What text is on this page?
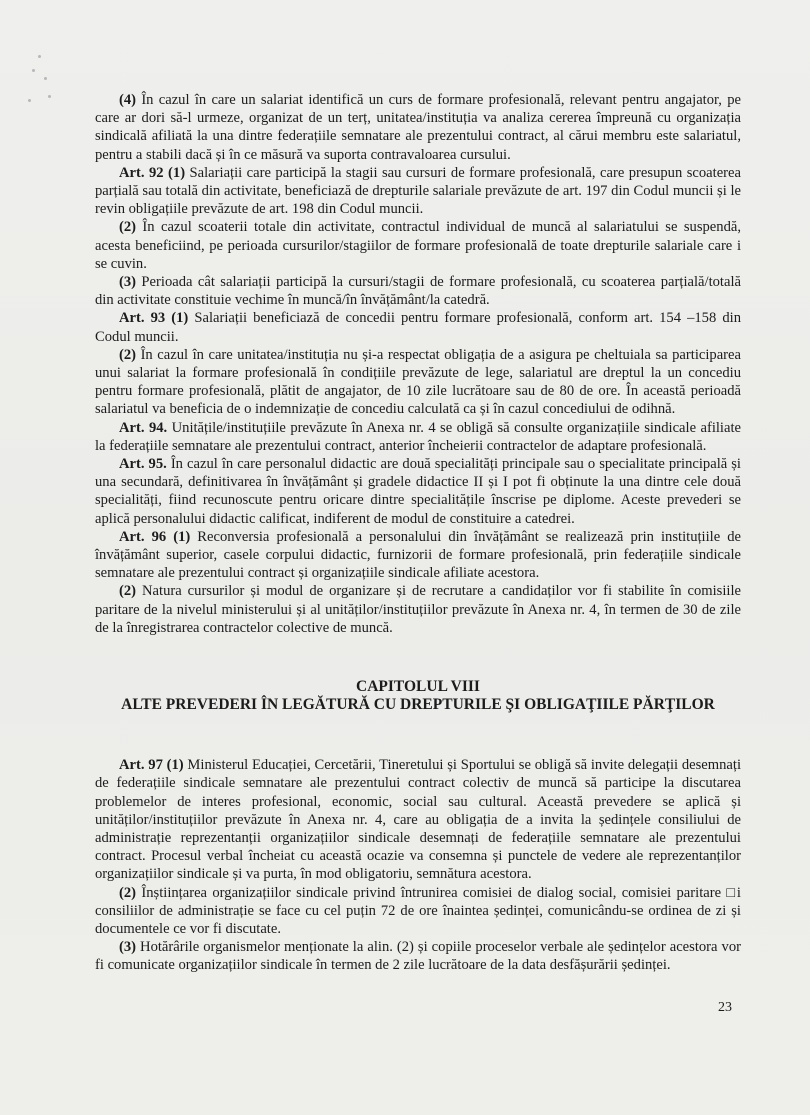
(4) În cazul în care un salariat identifică un curs de formare profesională, relevant pentru angajator, pe care ar dori să-l urmeze, organizat de un terț, unitatea/instituția va analiza cererea împreună cu organizația sindicală afiliată la una dintre federațiile semnatare ale prezentului contract, al cărui membru este salariatul, pentru a stabili dacă și în ce măsură va suporta contravaloarea cursului.

Art. 92 (1) Salariații care participă la stagii sau cursuri de formare profesională, care presupun scoaterea parțială sau totală din activitate, beneficiază de drepturile salariale prevăzute de art. 197 din Codul muncii și le revin obligațiile prevăzute de art. 198 din Codul muncii.

(2) În cazul scoaterii totale din activitate, contractul individual de muncă al salariatului se suspendă, acesta beneficiind, pe perioada cursurilor/stagiilor de formare profesională de toate drepturile salariale care i se cuvin.

(3) Perioada cât salariații participă la cursuri/stagii de formare profesională, cu scoaterea parțială/totală din activitate constituie vechime în muncă/în învățământ/la catedră.

Art. 93 (1) Salariații beneficiază de concedii pentru formare profesională, conform art. 154 –158 din Codul muncii.

(2) În cazul în care unitatea/instituția nu și-a respectat obligația de a asigura pe cheltuiala sa participarea unui salariat la formare profesională în condițiile prevăzute de lege, salariatul are dreptul la un concediu pentru formare profesională, plătit de angajator, de 10 zile lucrătoare sau de 80 de ore. În această perioadă salariatul va beneficia de o indemnizație de concediu calculată ca și în cazul concediului de odihnă.

Art. 94. Unitățile/instituțiile prevăzute în Anexa nr. 4 se obligă să consulte organizațiile sindicale afiliate la federațiile semnatare ale prezentului contract, anterior încheierii contractelor de adaptare profesională.

Art. 95. În cazul în care personalul didactic are două specialități principale sau o specialitate principală și una secundară, definitivarea în învățământ și gradele didactice II și I pot fi obținute la una dintre cele două specialități, fiind recunoscute pentru oricare dintre specialitățile înscrise pe diplome. Aceste prevederi se aplică personalului didactic calificat, indiferent de modul de constituire a catedrei.

Art. 96 (1) Reconversia profesională a personalului din învățământ se realizează prin instituțiile de învățământ superior, casele corpului didactic, furnizorii de formare profesională, prin federațiile sindicale semnatare ale prezentului contract și organizațiile sindicale afiliate acestora.

(2) Natura cursurilor și modul de organizare și de recrutare a candidaților vor fi stabilite în comisiile paritare de la nivelul ministerului și al unităților/instituțiilor prevăzute în Anexa nr. 4, în termen de 30 de zile de la înregistrarea contractelor colective de muncă.

CAPITOLUL VIII

ALTE PREVEDERI ÎN LEGĂTURĂ CU DREPTURILE ŞI OBLIGAŢIILE PĂRŢILOR

Art. 97 (1) Ministerul Educației, Cercetării, Tineretului și Sportului se obligă să invite delegații desemnați de federațiile sindicale semnatare ale prezentului contract colectiv de muncă să participe la discutarea problemelor de interes profesional, economic, social sau cultural. Această prevedere se aplică și unităților/instituțiilor prevăzute în Anexa nr. 4, care au obligația de a invita la ședințele consiliului de administrație reprezentanții organizațiilor sindicale desemnați de federațiile semnatare ale prezentului contract. Procesul verbal încheiat cu această ocazie va consemna și punctele de vedere ale reprezentanților organizațiilor sindicale și va purta, în mod obligatoriu, semnătura acestora.

(2) Înștiințarea organizațiilor sindicale privind întrunirea comisiei de dialog social, comisiei paritare □i consiliilor de administrație se face cu cel puțin 72 de ore înaintea ședinței, comunicându-se ordinea de zi și documentele ce vor fi discutate.

(3) Hotărârile organismelor menționate la alin. (2) și copiile proceselor verbale ale ședințelor acestora vor fi comunicate organizațiilor sindicale în termen de 2 zile lucrătoare de la data desfășurării ședinței.

23
